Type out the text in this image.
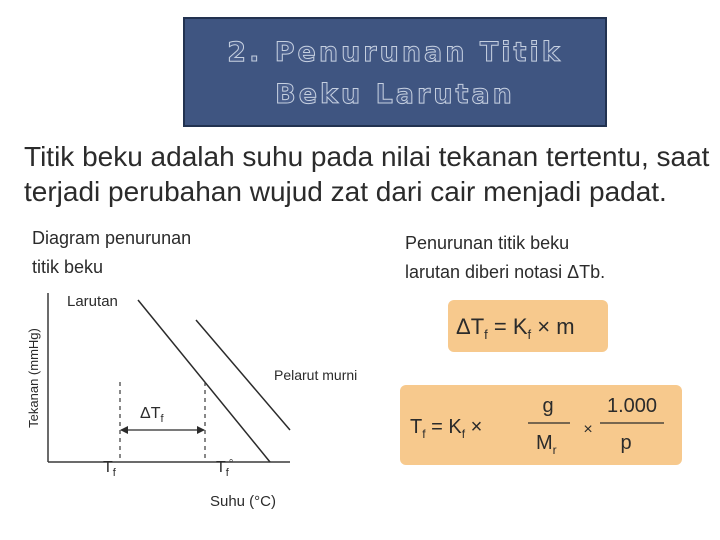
2. Penurunan Titik
Beku Larutan
Titik beku adalah suhu pada nilai tekanan tertentu, saat terjadi perubahan wujud zat dari cair menjadi padat.
Diagram penurunan
titik beku
Penurunan titik beku
larutan diberi notasi ΔTb.
Tekanan (mmHg)
Suhu (°C)
Larutan
Pelarut murni
$\Delta T_f$
$T_f$	$T_f^\circ$
$\Delta T_f = K_f \times m$
$T_f = K_f$ ×
g
$M_r$
×
1.000
p
